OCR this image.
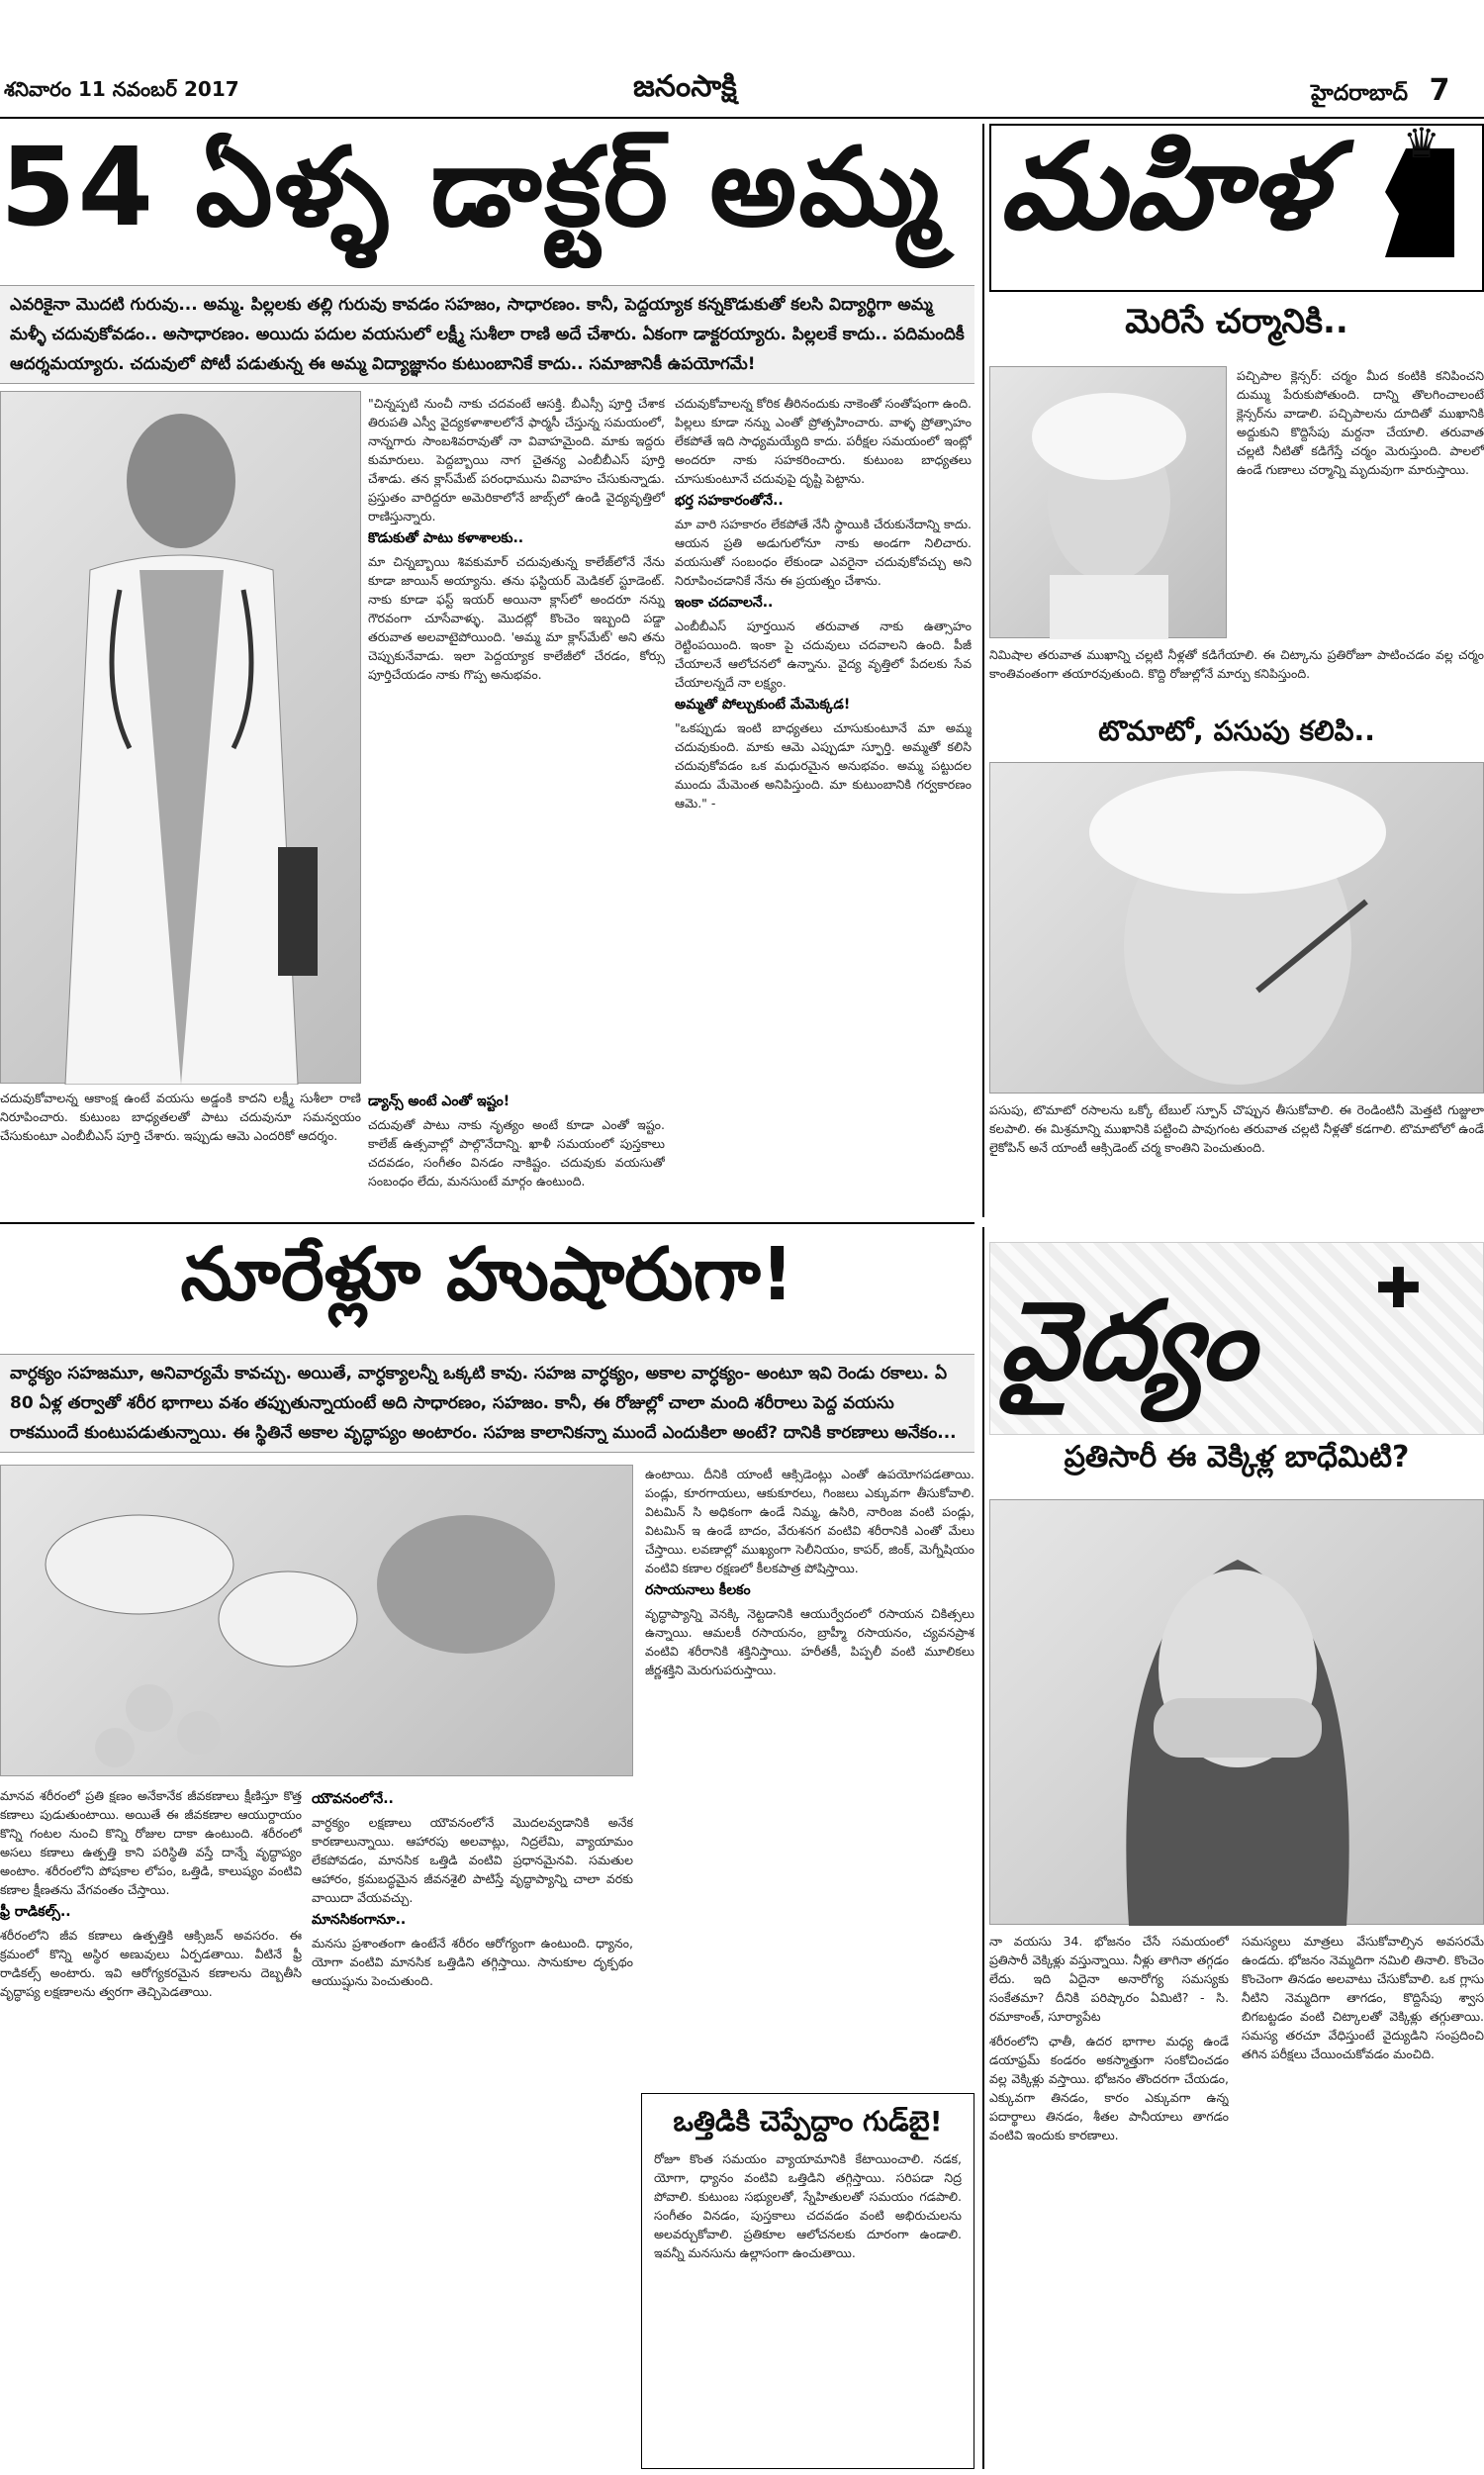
శనివారం 11 నవంబర్ 2017	జనంసాక్షి	హైదరాబాద్ 7
54 ఏళ్ళ డాక్టర్ అమ్మ
ఎవరికైనా మొదటి గురువు... అమ్మ. పిల్లలకు తల్లి గురువు కావడం సహజం, సాధారణం. కానీ, పెద్దయ్యాక కన్నకొడుకుతో కలసి విద్యార్థిగా అమ్మ మళ్ళీ చదువుకోవడం.. అసాధారణం. అయిదు పదుల వయసులో లక్ష్మీ సుశీలా రాణి అదే చేశారు. ఏకంగా డాక్టరయ్యారు. పిల్లలకే కాదు.. పదిమందికీ ఆదర్శమయ్యారు. చదువులో పోటీ పడుతున్న ఈ అమ్మ విద్యాజ్ఞానం కుటుంబానికే కాదు.. సమాజానికీ ఉపయోగమే!

"చిన్నప్పటి నుంచీ నాకు చదవంటే ఆసక్తి. బీఎస్సీ పూర్తి చేశాక తిరుపతి ఎస్వీ వైద్యకళాశాలలోనే ఫార్మసీ చేస్తున్న సమయంలో, నాన్నగారు సాంబశివరావుతో నా వివాహమైంది. మాకు ఇద్దరు కుమారులు. పెద్దబ్బాయి నాగ చైతన్య ఎంబీబీఎస్ పూర్తి చేశాడు. తన క్లాస్‌మేట్ పరంధామును వివాహం చేసుకున్నాడు. ప్రస్తుతం వారిద్దరూ అమెరికాలోనే జాబ్స్‌లో ఉండి వైద్యవృత్తిలో రాణిస్తున్నారు.

కొడుకుతో పాటు కళాశాలకు..

మా చిన్నబ్బాయి శివకుమార్ చదువుతున్న కాలేజ్‌లోనే నేను కూడా జాయిన్ అయ్యాను. తను ఫస్టియర్ మెడికల్ స్టూడెంట్. నాకు కూడా ఫస్ట్ ఇయర్ అయినా క్లాస్‌లో అందరూ నన్ను గౌరవంగా చూసేవాళ్ళు. మొదట్లో కొంచెం ఇబ్బంది పడ్డా తరువాత అలవాటైపోయింది. 'అమ్మ మా క్లాస్‌మేట్' అని తను చెప్పుకునేవాడు. ఇలా పెద్దయ్యాక కాలేజీలో చేరడం, కోర్సు పూర్తిచేయడం నాకు గొప్ప అనుభవం.

చదువుకోవాలన్న కోరిక తీరినందుకు నాకెంతో సంతోషంగా ఉంది. పిల్లలు కూడా నన్ను ఎంతో ప్రోత్సహించారు. వాళ్ళ ప్రోత్సాహం లేకపోతే ఇది సాధ్యమయ్యేది కాదు. పరీక్షల సమయంలో ఇంట్లో అందరూ నాకు సహకరించారు. కుటుంబ బాధ్యతలు చూసుకుంటూనే చదువుపై దృష్టి పెట్టాను.

భర్త సహకారంతోనే..

మా వారి సహకారం లేకపోతే నేనీ స్థాయికి చేరుకునేదాన్ని కాదు. ఆయన ప్రతి అడుగులోనూ నాకు అండగా నిలిచారు. వయసుతో సంబంధం లేకుండా ఎవరైనా చదువుకోవచ్చు అని నిరూపించడానికే నేను ఈ ప్రయత్నం చేశాను.

ఇంకా చదవాలనే..

ఎంబీబీఎస్ పూర్తయిన తరువాత నాకు ఉత్సాహం రెట్టింపయింది. ఇంకా పై చదువులు చదవాలని ఉంది. పీజీ చేయాలనే ఆలోచనలో ఉన్నాను. వైద్య వృత్తిలో పేదలకు సేవ చేయాలన్నదే నా లక్ష్యం.

అమ్మతో పోల్చుకుంటే మేమెక్కడ!

"ఒకప్పుడు ఇంటి బాధ్యతలు చూసుకుంటూనే మా అమ్మ చదువుకుంది. మాకు ఆమె ఎప్పుడూ స్ఫూర్తి. అమ్మతో కలిసి చదువుకోవడం ఒక మధురమైన అనుభవం. అమ్మ పట్టుదల ముందు మేమెంత అనిపిస్తుంది. మా కుటుంబానికి గర్వకారణం ఆమె." -

చదువుకోవాలన్న ఆకాంక్ష ఉంటే వయసు అడ్డంకి కాదని లక్ష్మీ సుశీలా రాణి నిరూపించారు. కుటుంబ బాధ్యతలతో పాటు చదువునూ సమన్వయం చేసుకుంటూ ఎంబీబీఎస్ పూర్తి చేశారు. ఇప్పుడు ఆమె ఎందరికో ఆదర్శం.

డ్యాన్స్ అంటే ఎంతో ఇష్టం!

చదువుతో పాటు నాకు నృత్యం అంటే కూడా ఎంతో ఇష్టం. కాలేజ్ ఉత్సవాల్లో పాల్గొనేదాన్ని. ఖాళీ సమయంలో పుస్తకాలు చదవడం, సంగీతం వినడం నాకిష్టం. చదువుకు వయసుతో సంబంధం లేదు, మనసుంటే మార్గం ఉంటుంది.

మహిళ ♛
మెరిసే చర్మానికి..
పచ్చిపాల క్లెన్సర్: చర్మం మీద కంటికి కనిపించని దుమ్ము పేరుకుపోతుంది. దాన్ని తొలగించాలంటే క్లెన్సర్‌ను వాడాలి. పచ్చిపాలను దూదితో ముఖానికి అద్దుకుని కొద్దిసేపు మర్దనా చేయాలి. తరువాత చల్లటి నీటితో కడిగేస్తే చర్మం మెరుస్తుంది. పాలలో ఉండే గుణాలు చర్మాన్ని మృదువుగా మారుస్తాయి.
నిమిషాల తరువాత ముఖాన్ని చల్లటి నీళ్లతో కడిగేయాలి. ఈ చిట్కాను ప్రతిరోజూ పాటించడం వల్ల చర్మం కాంతివంతంగా తయారవుతుంది. కొద్ది రోజుల్లోనే మార్పు కనిపిస్తుంది.
టొమాటో, పసుపు కలిపి..
పసుపు, టొమాటో రసాలను ఒక్కో టేబుల్ స్పూన్ చొప్పున తీసుకోవాలి. ఈ రెండింటినీ మెత్తటి గుజ్జులా కలపాలి. ఈ మిశ్రమాన్ని ముఖానికి పట్టించి పావుగంట తరువాత చల్లటి నీళ్లతో కడగాలి. టొమాటోలో ఉండే లైకోపిన్ అనే యాంటీ ఆక్సిడెంట్ చర్మ కాంతిని పెంచుతుంది.
నూరేళ్లూ హుషారుగా!
వార్ధక్యం సహజమూ, అనివార్యమే కావచ్చు. అయితే, వార్ధక్యాలన్నీ ఒక్కటి కావు. సహజ వార్ధక్యం, అకాల వార్ధక్యం- అంటూ ఇవి రెండు రకాలు. ఏ 80 ఏళ్ల తర్వాతో శరీర భాగాలు వశం తప్పుతున్నాయంటే అది సాధారణం, సహజం. కానీ, ఈ రోజుల్లో చాలా మంది శరీరాలు పెద్ద వయసు రాకముందే కుంటుపడుతున్నాయి. ఈ స్థితినే అకాల వృద్ధాప్యం అంటారం. సహజ కాలానికన్నా ముందే ఎందుకిలా అంటే? దానికి కారణాలు అనేకం...

ఉంటాయి. దీనికి యాంటీ ఆక్సిడెంట్లు ఎంతో ఉపయోగపడతాయి. పండ్లు, కూరగాయలు, ఆకుకూరలు, గింజలు ఎక్కువగా తీసుకోవాలి. విటమిన్ సి అధికంగా ఉండే నిమ్మ, ఉసిరి, నారింజ వంటి పండ్లు, విటమిన్ ఇ ఉండే బాదం, వేరుశనగ వంటివి శరీరానికి ఎంతో మేలు చేస్తాయి. లవణాల్లో ముఖ్యంగా సెలీనియం, కాపర్, జింక్, మెగ్నీషియం వంటివి కణాల రక్షణలో కీలకపాత్ర పోషిస్తాయి.

రసాయనాలు కీలకం

వృద్ధాప్యాన్ని వెనక్కి నెట్టడానికి ఆయుర్వేదంలో రసాయన చికిత్సలు ఉన్నాయి. ఆమలకీ రసాయనం, బ్రాహ్మీ రసాయనం, చ్యవనప్రాశ వంటివి శరీరానికి శక్తినిస్తాయి. హరీతకీ, పిప్పలీ వంటి మూలికలు జీర్ణశక్తిని మెరుగుపరుస్తాయి.

మానవ శరీరంలో ప్రతి క్షణం అనేకానేక జీవకణాలు క్షీణిస్తూ కొత్త కణాలు పుడుతుంటాయి. అయితే ఈ జీవకణాల ఆయుర్దాయం కొన్ని గంటల నుంచి కొన్ని రోజుల దాకా ఉంటుంది. శరీరంలో అసలు కణాలు ఉత్పత్తి కాని పరిస్థితి వస్తే దాన్నే వృద్ధాప్యం అంటాం. శరీరంలోని పోషకాల లోపం, ఒత్తిడి, కాలుష్యం వంటివి కణాల క్షీణతను వేగవంతం చేస్తాయి.

ఫ్రీ రాడికల్స్..

శరీరంలోని జీవ కణాలు ఉత్పత్తికి ఆక్సిజన్ అవసరం. ఈ క్రమంలో కొన్ని అస్థిర అణువులు ఏర్పడతాయి. వీటినే ఫ్రీ రాడికల్స్ అంటారు. ఇవి ఆరోగ్యకరమైన కణాలను దెబ్బతీసి వృద్ధాప్య లక్షణాలను త్వరగా తెచ్చిపెడతాయి.

యౌవనంలోనే..

వార్ధక్యం లక్షణాలు యౌవనంలోనే మొదలవ్వడానికి అనేక కారణాలున్నాయి. ఆహారపు అలవాట్లు, నిద్రలేమి, వ్యాయామం లేకపోవడం, మానసిక ఒత్తిడి వంటివి ప్రధానమైనవి. సమతుల ఆహారం, క్రమబద్ధమైన జీవనశైలి పాటిస్తే వృద్ధాప్యాన్ని చాలా వరకు వాయిదా వేయవచ్చు.

మానసికంగానూ..

మనసు ప్రశాంతంగా ఉంటేనే శరీరం ఆరోగ్యంగా ఉంటుంది. ధ్యానం, యోగా వంటివి మానసిక ఒత్తిడిని తగ్గిస్తాయి. సానుకూల దృక్పథం ఆయుష్షును పెంచుతుంది.

ఒత్తిడికి చెప్పేద్దాం గుడ్‌బై!

రోజూ కొంత సమయం వ్యాయామానికి కేటాయించాలి. నడక, యోగా, ధ్యానం వంటివి ఒత్తిడిని తగ్గిస్తాయి. సరిపడా నిద్ర పోవాలి. కుటుంబ సభ్యులతో, స్నేహితులతో సమయం గడపాలి. సంగీతం వినడం, పుస్తకాలు చదవడం వంటి అభిరుచులను అలవర్చుకోవాలి. ప్రతికూల ఆలోచనలకు దూరంగా ఉండాలి. ఇవన్నీ మనసును ఉల్లాసంగా ఉంచుతాయి.

వైద్యం ✚
ప్రతిసారీ ఈ వెక్కిళ్ల బాధేమిటి?

నా వయసు 34. భోజనం చేసే సమయంలో ప్రతిసారీ వెక్కిళ్లు వస్తున్నాయి. నీళ్లు తాగినా తగ్గడం లేదు. ఇది ఏదైనా అనారోగ్య సమస్యకు సంకేతమా? దీనికి పరిష్కారం ఏమిటి? - సి. రమాకాంత్, సూర్యాపేట

శరీరంలోని ఛాతీ, ఉదర భాగాల మధ్య ఉండే డయాఫ్రమ్ కండరం అకస్మాత్తుగా సంకోచించడం వల్ల వెక్కిళ్లు వస్తాయి. భోజనం తొందరగా చేయడం, ఎక్కువగా తినడం, కారం ఎక్కువగా ఉన్న పదార్థాలు తినడం, శీతల పానీయాలు తాగడం వంటివి ఇందుకు కారణాలు.

సమస్యలు మాత్రలు వేసుకోవాల్సిన అవసరమే ఉండదు. భోజనం నెమ్మదిగా నమిలి తినాలి. కొంచెం కొంచెంగా తినడం అలవాటు చేసుకోవాలి. ఒక గ్లాసు నీటిని నెమ్మదిగా తాగడం, కొద్దిసేపు శ్వాస బిగబట్టడం వంటి చిట్కాలతో వెక్కిళ్లు తగ్గుతాయి. సమస్య తరచూ వేధిస్తుంటే వైద్యుడిని సంప్రదించి తగిన పరీక్షలు చేయించుకోవడం మంచిది.
